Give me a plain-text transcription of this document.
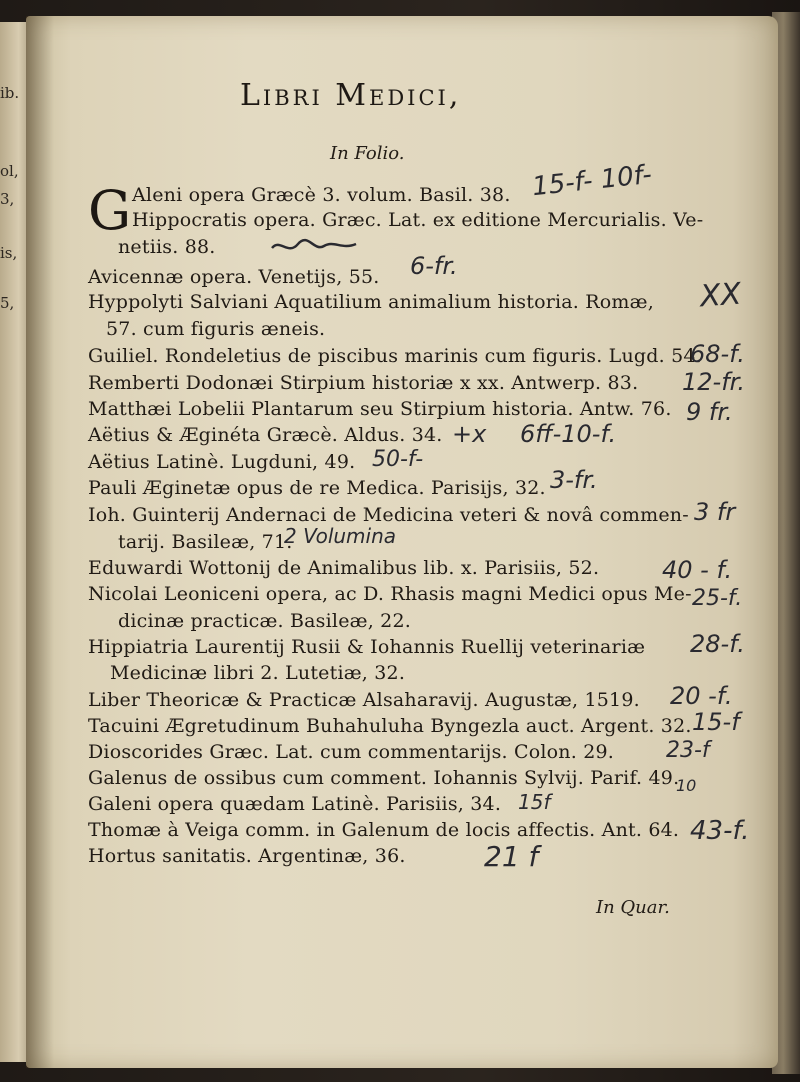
ib.
ol,
3,
is,
5,
Libri Medici,
In Folio.
G Aleni opera Græcè 3. volum. Basil. 38.
Hippocratis opera. Græc. Lat. ex editione Mercurialis. Ve-
netiis. 88.
Avicennæ opera. Venetijs, 55.
Hyppolyti Salviani Aquatilium animalium historia. Romæ,
57. cum figuris æneis.
Guiliel. Rondeletius de piscibus marinis cum figuris. Lugd. 54.
Remberti Dodonæi Stirpium historiæ x xx. Antwerp. 83.
Matthæi Lobelii Plantarum seu Stirpium historia. Antw. 76.
Aëtius & Æginéta Græcè. Aldus. 34.
Aëtius Latinè. Lugduni, 49.
Pauli Æginetæ opus de re Medica. Parisijs, 32.
Ioh. Guinterij Andernaci de Medicina veteri & novâ commen-
tarij. Basileæ, 71.
Eduwardi Wottonij de Animalibus lib. x. Parisiis, 52.
Nicolai Leoniceni opera, ac D. Rhasis magni Medici opus Me-
dicinæ practicæ. Basileæ, 22.
Hippiatria Laurentij Rusii & Iohannis Ruellij veterinariæ
Medicinæ libri 2. Lutetiæ, 32.
Liber Theoricæ & Practicæ Alsaharavij. Augustæ, 1519.
Tacuini Ægretudinum Buhahuluha Byngezla auct. Argent. 32.
Dioscorides Græc. Lat. cum commentarijs. Colon. 29.
Galenus de ossibus cum comment. Iohannis Sylvij. Parif. 49.
Galeni opera quædam Latinè. Parisiis, 34.
Thomæ à Veiga comm. in Galenum de locis affectis. Ant. 64.
Hortus sanitatis. Argentinæ, 36.
15-f- 10f-
6-fr.
XX
68-f.
12-fr.
9 fr.
+x 6ff-10-f.
50-f-
3-fr.
3 fr
2 Volumina
40 - f.
25-f.
28-f.
20 -f.
15-f
23-f
10
15f
43-f.
21 f
In Quar.
